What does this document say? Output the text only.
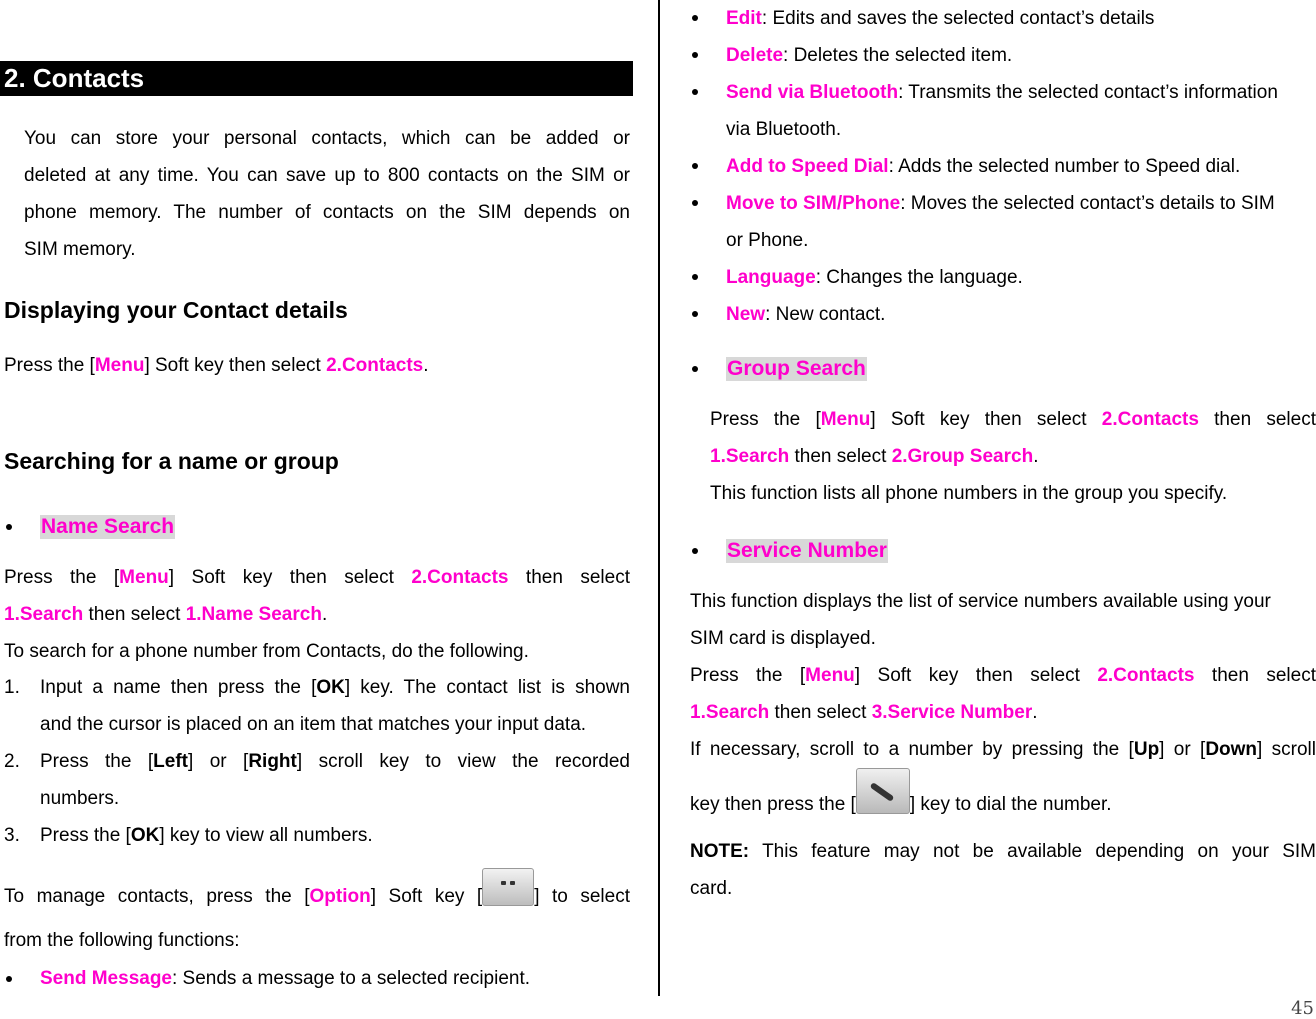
2. Contacts

You can store your personal contacts, which can be added or

deleted at any time. You can save up to 800 contacts on the SIM or

phone memory. The number of contacts on the SIM depends on

SIM memory.

Displaying your Contact details

Press the [Menu] Soft key then select 2.Contacts.

Searching for a name or group
Name Search

Press the [Menu] Soft key then select 2.Contacts then select

1.Search then select 1.Name Search.

To search for a phone number from Contacts, do the following.

1. Input a name then press the [OK] key. The contact list is shown

and the cursor is placed on an item that matches your input data.

2. Press the [Left] or [Right] scroll key to view the recorded

numbers.

3. Press the [OK] key to view all numbers.

To manage contacts, press the [Option] Soft key [	] to select

from the following functions:

Send Message: Sends a message to a selected recipient.

Edit: Edits and saves the selected contact’s details

Delete: Deletes the selected item.

Send via Bluetooth: Transmits the selected contact’s information

via Bluetooth.

Add to Speed Dial: Adds the selected number to Speed dial.

Move to SIM/Phone: Moves the selected contact’s details to SIM

or Phone.

Language: Changes the language.

New: New contact.

Group Search

Press the [Menu] Soft key then select 2.Contacts then select

1.Search then select 2.Group Search.

This function lists all phone numbers in the group you specify.

Service Number

This function displays the list of service numbers available using your

SIM card is displayed.

Press the [Menu] Soft key then select 2.Contacts then select

1.Search then select 3.Service Number.

If necessary, scroll to a number by pressing the [Up] or [Down] scroll

key then press the [	] key to dial the number.

NOTE: This feature may not be available depending on your SIM

card.

45
